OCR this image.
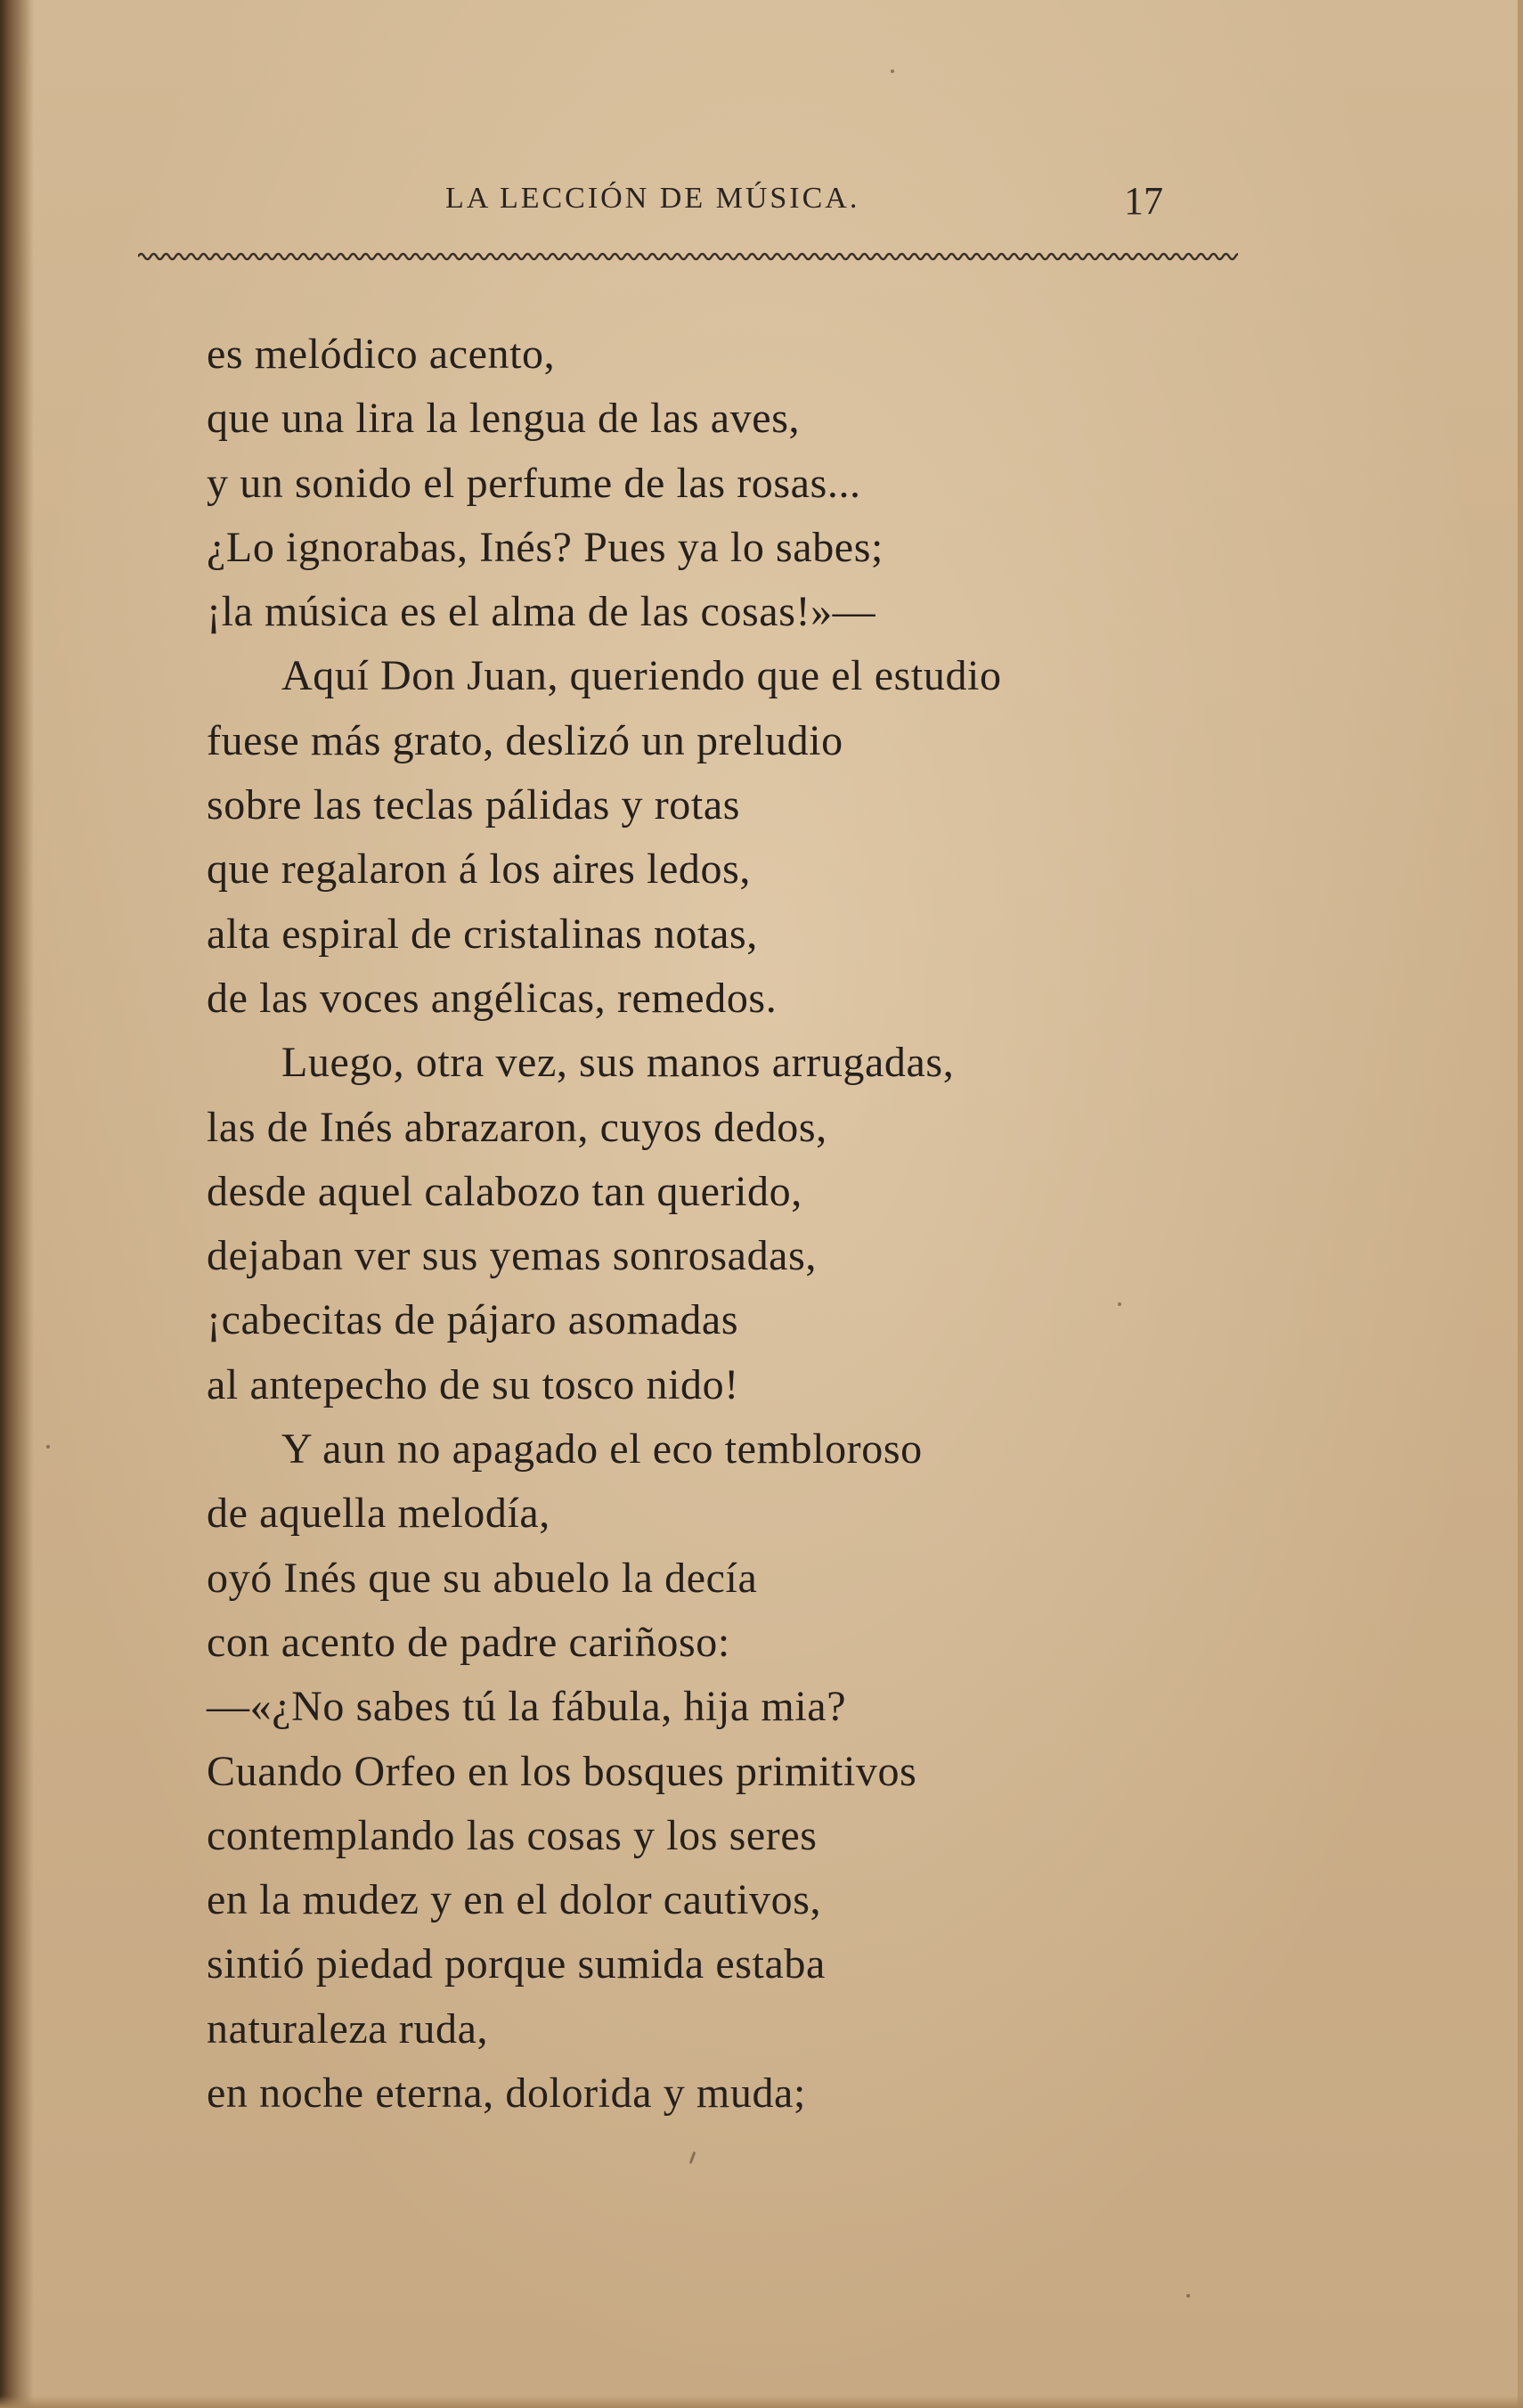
LA LECCIÓN DE MÚSICA.	17
es melódico acento,
que una lira la lengua de las aves,
y un sonido el perfume de las rosas...
¿Lo ignorabas, Inés? Pues ya lo sabes;
¡la música es el alma de las cosas!»—
Aquí Don Juan, queriendo que el estudio
fuese más grato, deslizó un preludio
sobre las teclas pálidas y rotas
que regalaron á los aires ledos,
alta espiral de cristalinas notas,
de las voces angélicas, remedos.
Luego, otra vez, sus manos arrugadas,
las de Inés abrazaron, cuyos dedos,
desde aquel calabozo tan querido,
dejaban ver sus yemas sonrosadas,
¡cabecitas de pájaro asomadas
al antepecho de su tosco nido!
Y aun no apagado el eco tembloroso
de aquella melodía,
oyó Inés que su abuelo la decía
con acento de padre cariñoso:
—«¿No sabes tú la fábula, hija mia?
Cuando Orfeo en los bosques primitivos
contemplando las cosas y los seres
en la mudez y en el dolor cautivos,
sintió piedad porque sumida estaba
naturaleza ruda,
en noche eterna, dolorida y muda;
